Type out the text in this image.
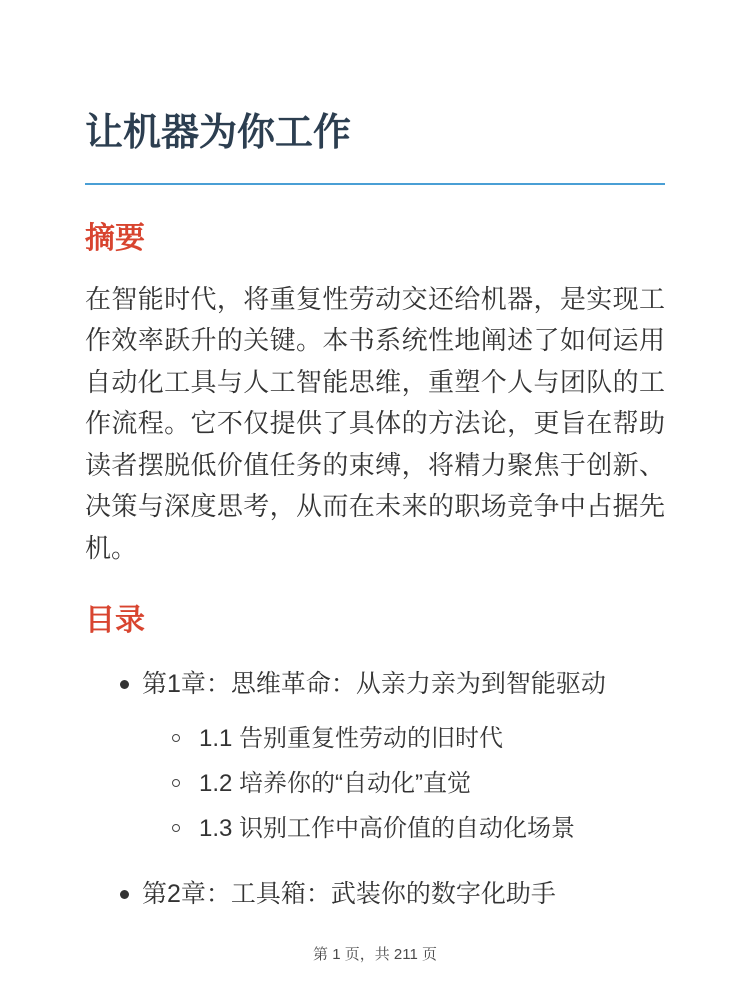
让机器为你工作
摘要

在智能时代，将重复性劳动交还给机器，是实现工作效率跃升的关键。本书系统性地阐述了如何运用自动化工具与人工智能思维，重塑个人与团队的工作流程。它不仅提供了具体的方法论，更旨在帮助读者摆脱低价值任务的束缚，将精力聚焦于创新、决策与深度思考，从而在未来的职场竞争中占据先机。

目录
第1章：思维革命：从亲力亲为到智能驱动
1.1 告别重复性劳动的旧时代
1.2 培养你的“自动化”直觉
1.3 识别工作中高价值的自动化场景
第2章：工具箱：武装你的数字化助手
第 1 页，共 211 页
